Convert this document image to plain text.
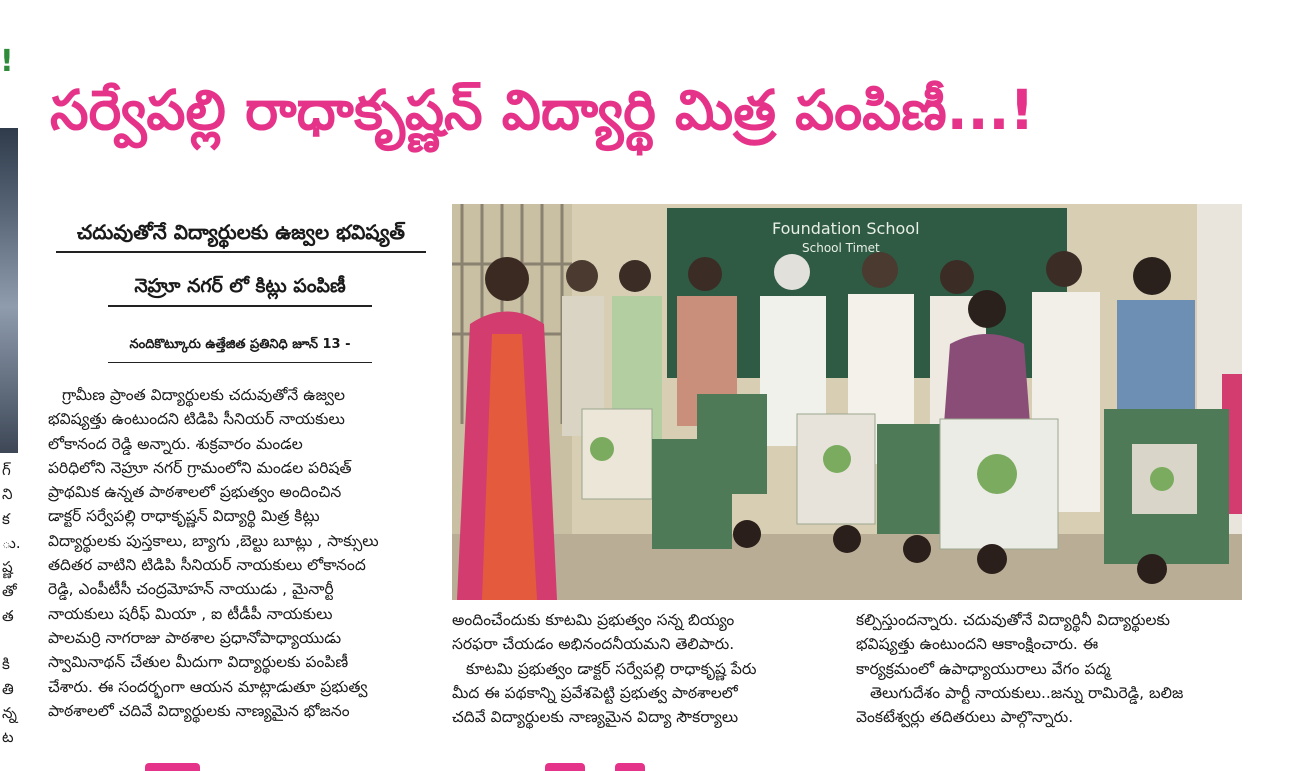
!
గ్
ని
క
ు.
ష్ణ
తో
త
కి
తి
న్న
ట
సర్వేపల్లి రాధాకృష్ణన్ విద్యార్థి మిత్ర పంపిణీ...!
చదువుతోనే విద్యార్థులకు ఉజ్వల భవిష్యత్
నెహ్రూ నగర్ లో కిట్లు పంపిణీ
నందికొట్కూరు ఉత్తేజిత ప్రతినిధి జూన్ 13 -

గ్రామీణ ప్రాంత విద్యార్థులకు చదువుతోనే ఉజ్వల

భవిష్యత్తు ఉంటుందని టిడిపి సీనియర్ నాయకులు

లోకానంద రెడ్డి అన్నారు. శుక్రవారం మండల

పరిధిలోని నెహ్రూ నగర్ గ్రామంలోని మండల పరిషత్

ప్రాథమిక ఉన్నత పాఠశాలలో ప్రభుత్వం అందించిన

డాక్టర్ సర్వేపల్లి రాధాకృష్ణన్ విద్యార్థి మిత్ర కిట్లు

విద్యార్థులకు పుస్తకాలు, బ్యాగు ,బెల్టు బూట్లు , సాక్సులు

తదితర వాటిని టిడిపి సీనియర్ నాయకులు లోకానంద

రెడ్డి, ఎంపీటీసీ చంద్రమోహన్ నాయుడు , మైనార్టీ

నాయకులు షరీఫ్ మియా , ఐ టీడీపీ నాయకులు

పాలమర్రి నాగరాజు పాఠశాల ప్రధానోపాధ్యాయుడు

స్వామినాథన్ చేతుల మీదుగా విద్యార్థులకు పంపిణీ

చేశారు. ఈ సందర్భంగా ఆయన మాట్లాడుతూ ప్రభుత్వ

పాఠశాలలో చదివే విద్యార్థులకు నాణ్యమైన భోజనం

Foundation School
School Timet

అందించేందుకు కూటమి ప్రభుత్వం సన్న బియ్యం

సరఫరా చేయడం అభినందనీయమని తెలిపారు.

కూటమి ప్రభుత్వం డాక్టర్ సర్వేపల్లి రాధాకృష్ణ పేరు

మీద ఈ పథకాన్ని ప్రవేశపెట్టి ప్రభుత్వ పాఠశాలలో

చదివే విద్యార్థులకు నాణ్యమైన విద్యా సౌకర్యాలు

కల్పిస్తుందన్నారు. చదువుతోనే విద్యార్థినీ విద్యార్థులకు

భవిష్యత్తు ఉంటుందని ఆకాంక్షించారు. ఈ

కార్యక్రమంలో ఉపాధ్యాయురాలు వేగం పద్మ

తెలుగుదేశం పార్టీ నాయకులు..జన్ను రామిరెడ్డి, బలిజ

వెంకటేశ్వర్లు తదితరులు పాల్గొన్నారు.
